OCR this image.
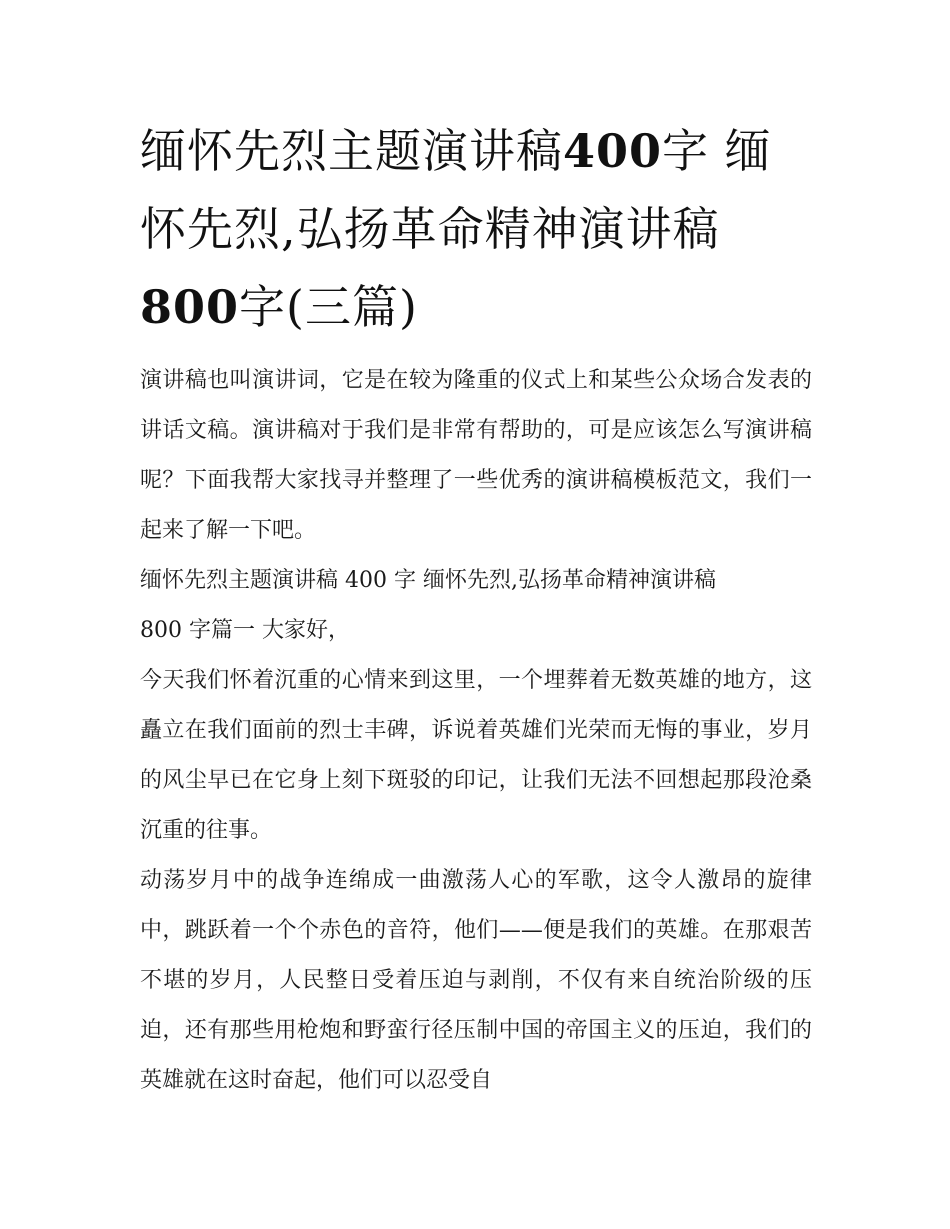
缅怀先烈主题演讲稿400字 缅
怀先烈,弘扬革命精神演讲稿
800字(三篇)

演讲稿也叫演讲词，它是在较为隆重的仪式上和某些公众场合发表的讲话文稿。演讲稿对于我们是非常有帮助的，可是应该怎么写演讲稿呢？下面我帮大家找寻并整理了一些优秀的演讲稿模板范文，我们一起来了解一下吧。

缅怀先烈主题演讲稿 400 字 缅怀先烈,弘扬革命精神演讲稿

800 字篇一 大家好，

今天我们怀着沉重的心情来到这里，一个埋葬着无数英雄的地方，这矗立在我们面前的烈士丰碑，诉说着英雄们光荣而无悔的事业，岁月的风尘早已在它身上刻下斑驳的印记，让我们无法不回想起那段沧桑沉重的往事。

动荡岁月中的战争连绵成一曲激荡人心的军歌，这令人激昂的旋律中，跳跃着一个个赤色的音符，他们——便是我们的英雄。在那艰苦不堪的岁月，人民整日受着压迫与剥削，不仅有来自统治阶级的压迫，还有那些用枪炮和野蛮行径压制中国的帝国主义的压迫，我们的英雄就在这时奋起，他们可以忍受自
